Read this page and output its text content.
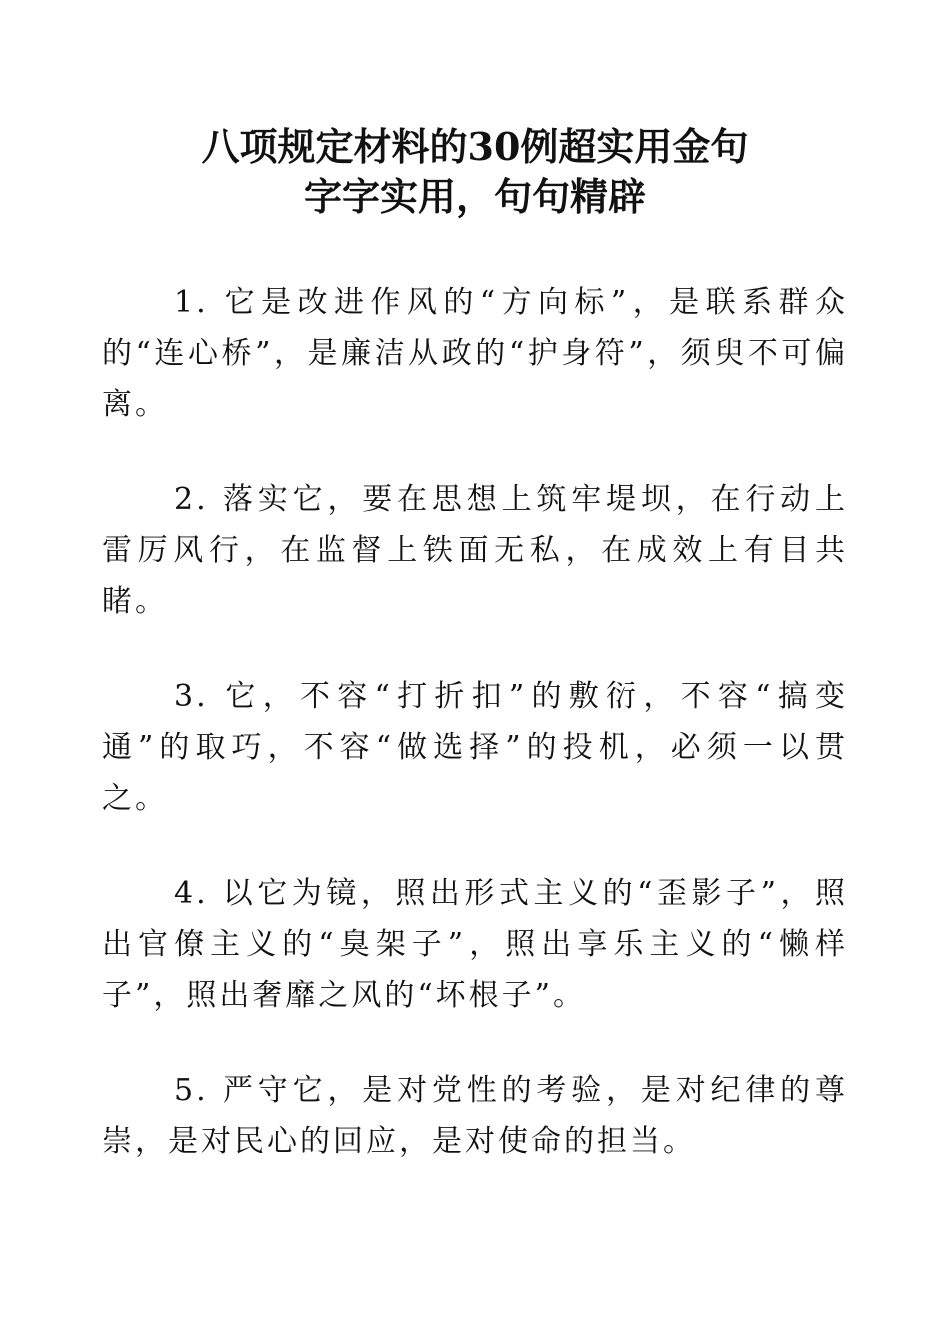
八项规定材料的30例超实用金句

字字实用，句句精辟

1. 它是改进作风的“方向标”，是联系群众的“连心桥”，是廉洁从政的“护身符”，须臾不可偏离。

2. 落实它，要在思想上筑牢堤坝，在行动上雷厉风行，在监督上铁面无私，在成效上有目共睹。

3. 它，不容“打折扣”的敷衍，不容“搞变通”的取巧，不容“做选择”的投机，必须一以贯之。

4. 以它为镜，照出形式主义的“歪影子”，照出官僚主义的“臭架子”，照出享乐主义的“懒样子”，照出奢靡之风的“坏根子”。

5. 严守它，是对党性的考验，是对纪律的尊崇，是对民心的回应，是对使命的担当。
